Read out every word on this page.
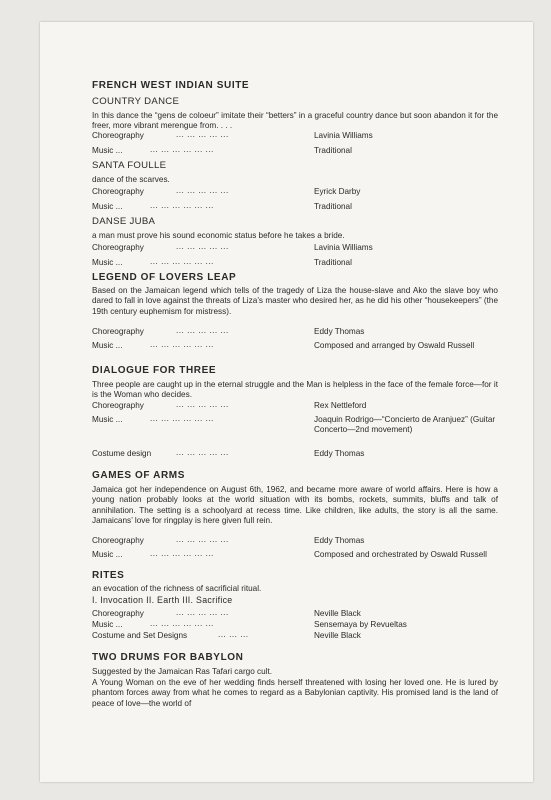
FRENCH WEST INDIAN SUITE
COUNTRY DANCE

In this dance the “gens de coloeur” imitate their “betters” in a graceful country dance but soon abandon it for the freer, more vibrant merengue from. . . .

Choreography	... ... ... ... ...	Lavinia Williams
Music ...	... ... ... ... ... ...	Traditional
SANTA FOULLE

dance of the scarves.

Choreography	... ... ... ... ...	Eyrick Darby
Music ...	... ... ... ... ... ...	Traditional
DANSE JUBA

a man must prove his sound economic status before he takes a bride.

Choreography	... ... ... ... ...	Lavinia Williams
Music ...	... ... ... ... ... ...	Traditional
LEGEND OF LOVERS LEAP

Based on the Jamaican legend which tells of the tragedy of Liza the house-slave and Ako the slave boy who dared to fall in love against the threats of Liza’s master who desired her, as he did his other “housekeepers” (the 19th century euphemism for mistress).

Choreography	... ... ... ... ...	Eddy Thomas
Music ...	... ... ... ... ... ...	Composed and arranged by Oswald Russell
DIALOGUE FOR THREE

Three people are caught up in the eternal struggle and the Man is helpless in the face of the female force—for it is the Woman who decides.

Choreography	... ... ... ... ...	Rex Nettleford
Music ...	... ... ... ... ... ...	Joaquin Rodrigo—“Concierto de Aranjuez” (Guitar Concerto—2nd movement)
Costume design	... ... ... ... ...	Eddy Thomas
GAMES OF ARMS

Jamaica got her independence on August 6th, 1962, and became more aware of world affairs. Here is how a young nation probably looks at the world situation with its bombs, rockets, summits, bluffs and talk of annihilation. The setting is a schoolyard at recess time. Like children, like adults, the story is all the same. Jamaicans’ love for ringplay is here given full rein.

Choreography	... ... ... ... ...	Eddy Thomas
Music ...	... ... ... ... ... ...	Composed and orchestrated by Oswald Russell
RITES

an evocation of the richness of sacrificial ritual.

I. Invocation II. Earth III. Sacrifice
Choreography	... ... ... ... ...	Neville Black
Music ...	... ... ... ... ... ...	Sensemaya by Revueltas
Costume and Set Designs	... ... ...	Neville Black
TWO DRUMS FOR BABYLON

Suggested by the Jamaican Ras Tafari cargo cult.

A Young Woman on the eve of her wedding finds herself threatened with losing her loved one. He is lured by phantom forces away from what he comes to regard as a Babylonian captivity. His promised land is the land of peace of love—the world of
